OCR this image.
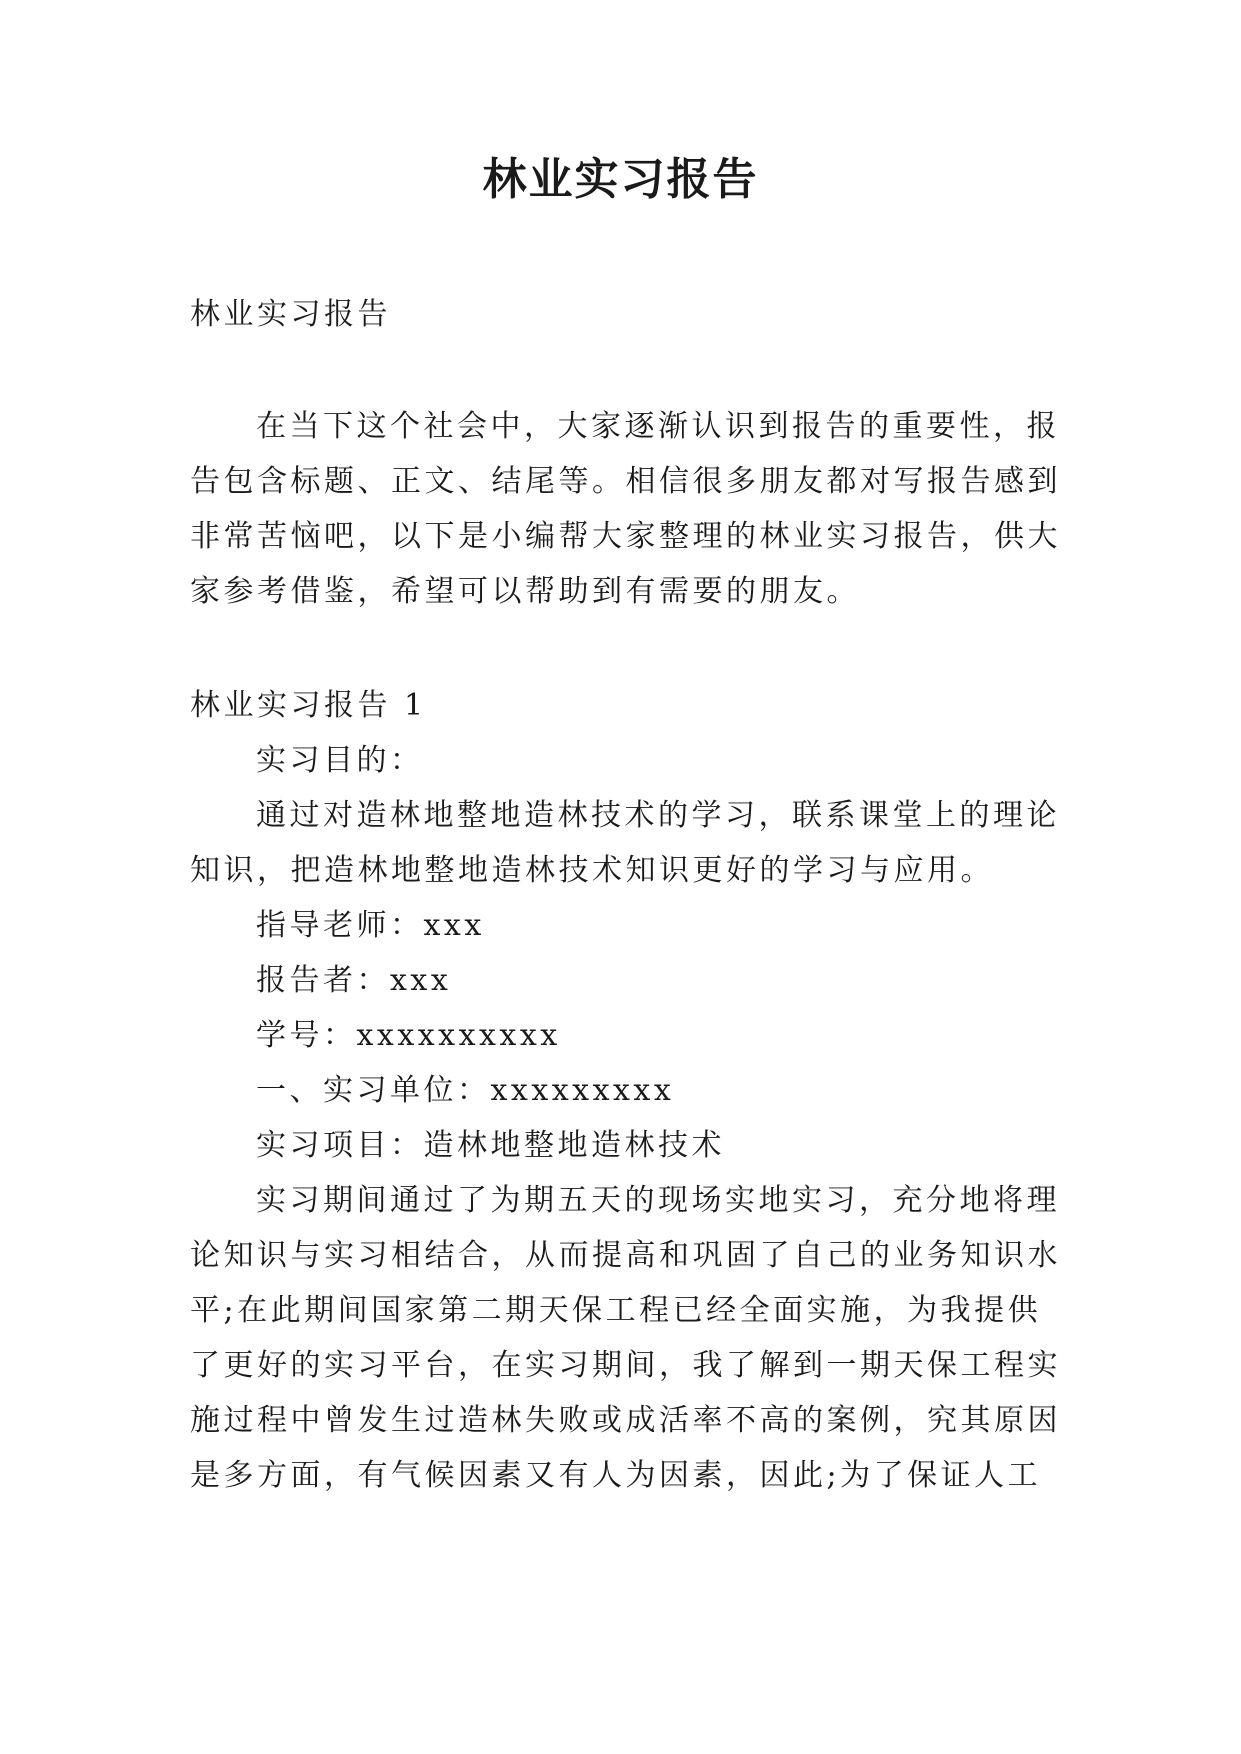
林业实习报告
林业实习报告
在当下这个社会中，大家逐渐认识到报告的重要性，报
告包含标题、正文、结尾等。相信很多朋友都对写报告感到
非常苦恼吧，以下是小编帮大家整理的林业实习报告，供大
家参考借鉴，希望可以帮助到有需要的朋友。
林业实习报告 1
实习目的：
通过对造林地整地造林技术的学习，联系课堂上的理论
知识，把造林地整地造林技术知识更好的学习与应用。
指导老师：xxx
报告者：xxx
学号：xxxxxxxxxx
一、实习单位：xxxxxxxxx
实习项目：造林地整地造林技术
实习期间通过了为期五天的现场实地实习，充分地将理
论知识与实习相结合，从而提高和巩固了自己的业务知识水
平;在此期间国家第二期天保工程已经全面实施，为我提供
了更好的实习平台，在实习期间，我了解到一期天保工程实
施过程中曾发生过造林失败或成活率不高的案例，究其原因
是多方面，有气候因素又有人为因素，因此;为了保证人工
